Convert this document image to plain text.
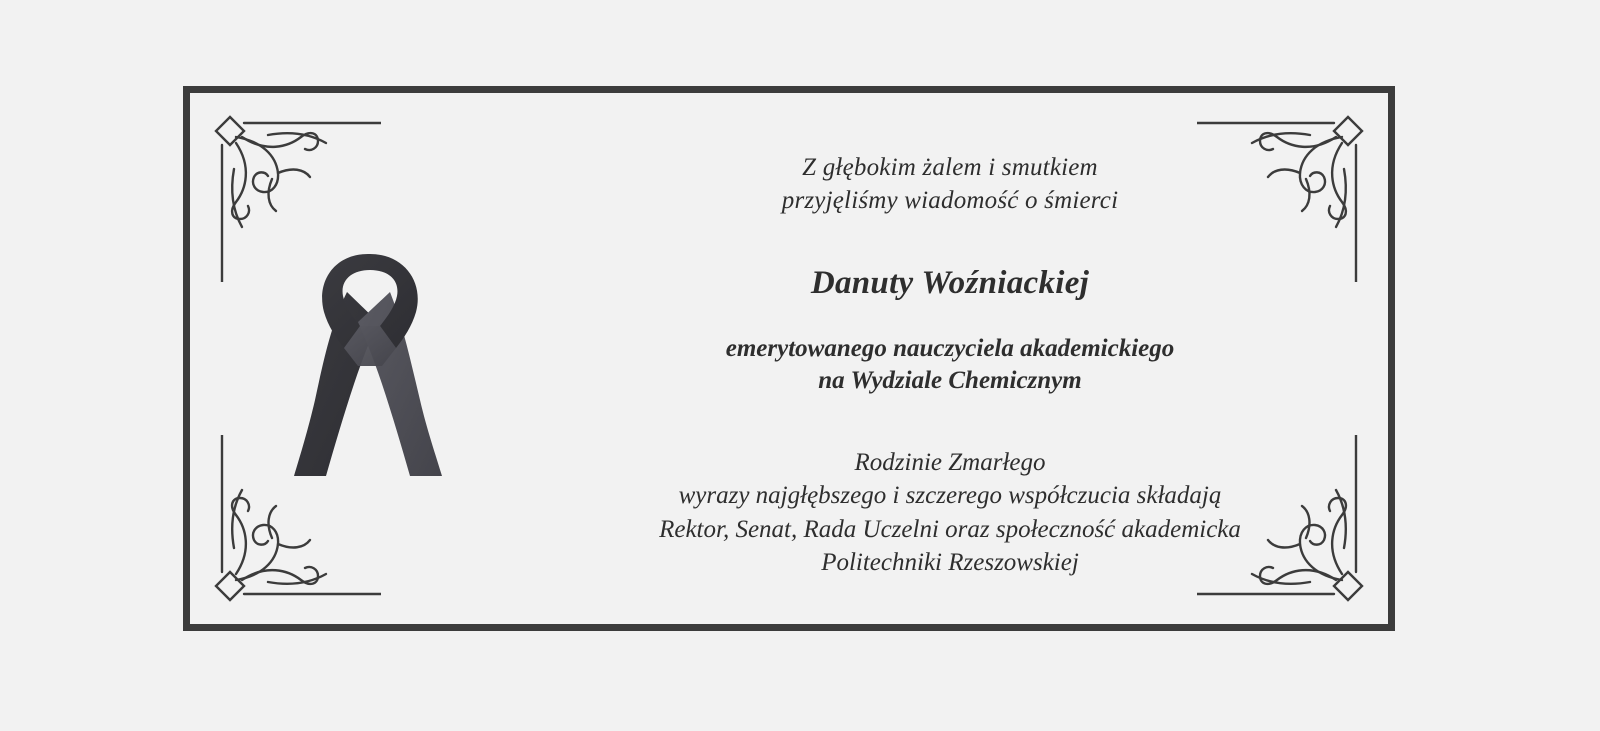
Z głębokim żalem i smutkiem
przyjęliśmy wiadomość o śmierci
Danuty Woźniackiej
emerytowanego nauczyciela akademickiego
na Wydziale Chemicznym
Rodzinie Zmarłego
wyrazy najgłębszego i szczerego współczucia składają
Rektor, Senat, Rada Uczelni oraz społeczność akademicka
Politechniki Rzeszowskiej
